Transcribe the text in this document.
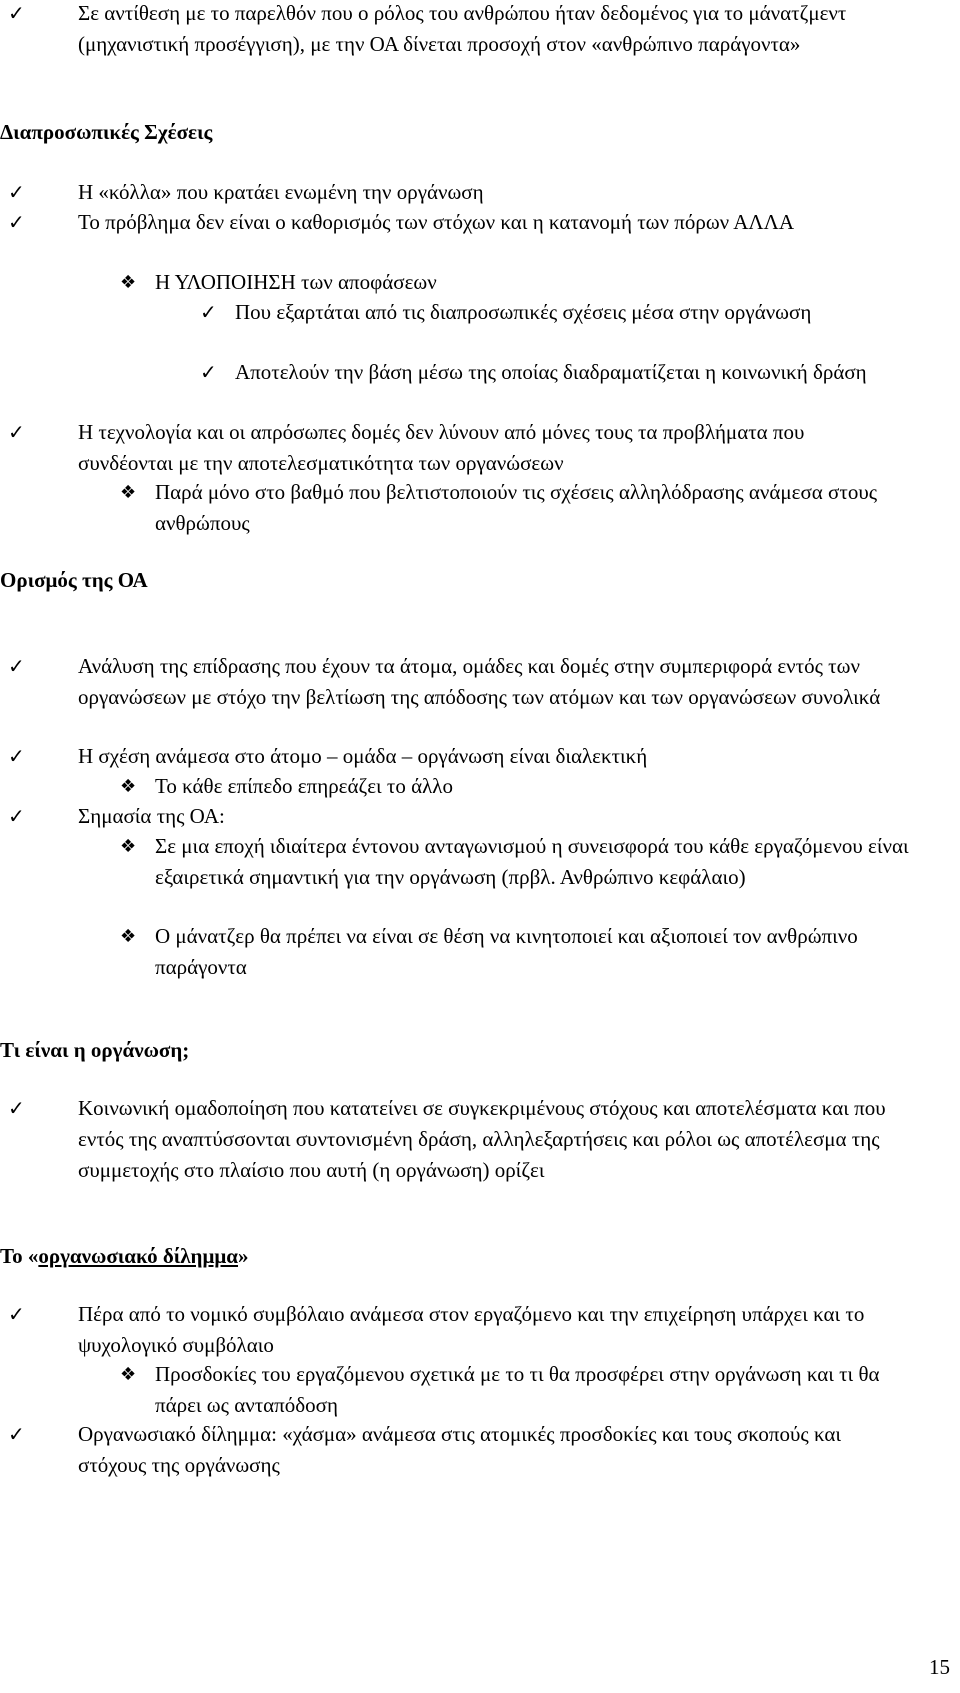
✓	Σε αντίθεση με το παρελθόν που ο ρόλος του ανθρώπου ήταν δεδομένος για το μάνατζμεντ (μηχανιστική προσέγγιση), με την ΟΑ δίνεται προσοχή στον «ανθρώπινο παράγοντα»
Διαπροσωπικές Σχέσεις
✓	Η «κόλλα» που κρατάει ενωμένη την οργάνωση
✓	Το πρόβλημα δεν είναι ο καθορισμός των στόχων και η κατανομή των πόρων ΑΛΛΑ
❖ Η ΥΛΟΠΟΙΗΣΗ των αποφάσεων
✓ Που εξαρτάται από τις διαπροσωπικές σχέσεις μέσα στην οργάνωση
✓ Αποτελούν την βάση μέσω της οποίας διαδραματίζεται η κοινωνική δράση
✓	Η τεχνολογία και οι απρόσωπες δομές δεν λύνουν από μόνες τους τα προβλήματα που συνδέονται με την αποτελεσματικότητα των οργανώσεων
❖ Παρά μόνο στο βαθμό που βελτιστοποιούν τις σχέσεις αλληλόδρασης ανάμεσα στους ανθρώπους
Ορισμός της ΟΑ
✓	Ανάλυση της επίδρασης που έχουν τα άτομα, ομάδες και δομές στην συμπεριφορά εντός των οργανώσεων με στόχο την βελτίωση της απόδοσης των ατόμων και των οργανώσεων συνολικά
✓	Η σχέση ανάμεσα στο άτομο – ομάδα – οργάνωση είναι διαλεκτική
❖ Το κάθε επίπεδο επηρεάζει το άλλο
✓	Σημασία της ΟΑ:
❖ Σε μια εποχή ιδιαίτερα έντονου ανταγωνισμού η συνεισφορά του κάθε εργαζόμενου είναι εξαιρετικά σημαντική για την οργάνωση (πρβλ. Ανθρώπινο κεφάλαιο)
❖ Ο μάνατζερ θα πρέπει να είναι σε θέση να κινητοποιεί και αξιοποιεί τον ανθρώπινο παράγοντα
Τι είναι η οργάνωση;
✓	Κοινωνική ομαδοποίηση που κατατείνει σε συγκεκριμένους στόχους και αποτελέσματα και που εντός της αναπτύσσονται συντονισμένη δράση, αλληλεξαρτήσεις και ρόλοι ως αποτέλεσμα της συμμετοχής στο πλαίσιο που αυτή (η οργάνωση) ορίζει
Το «οργανωσιακό δίλημμα»
✓	Πέρα από το νομικό συμβόλαιο ανάμεσα στον εργαζόμενο και την επιχείρηση υπάρχει και το ψυχολογικό συμβόλαιο
❖ Προσδοκίες του εργαζόμενου σχετικά με το τι θα προσφέρει στην οργάνωση και τι θα πάρει ως ανταπόδοση
✓	Οργανωσιακό δίλημμα: «χάσμα» ανάμεσα στις ατομικές προσδοκίες και τους σκοπούς και στόχους της οργάνωσης
15
